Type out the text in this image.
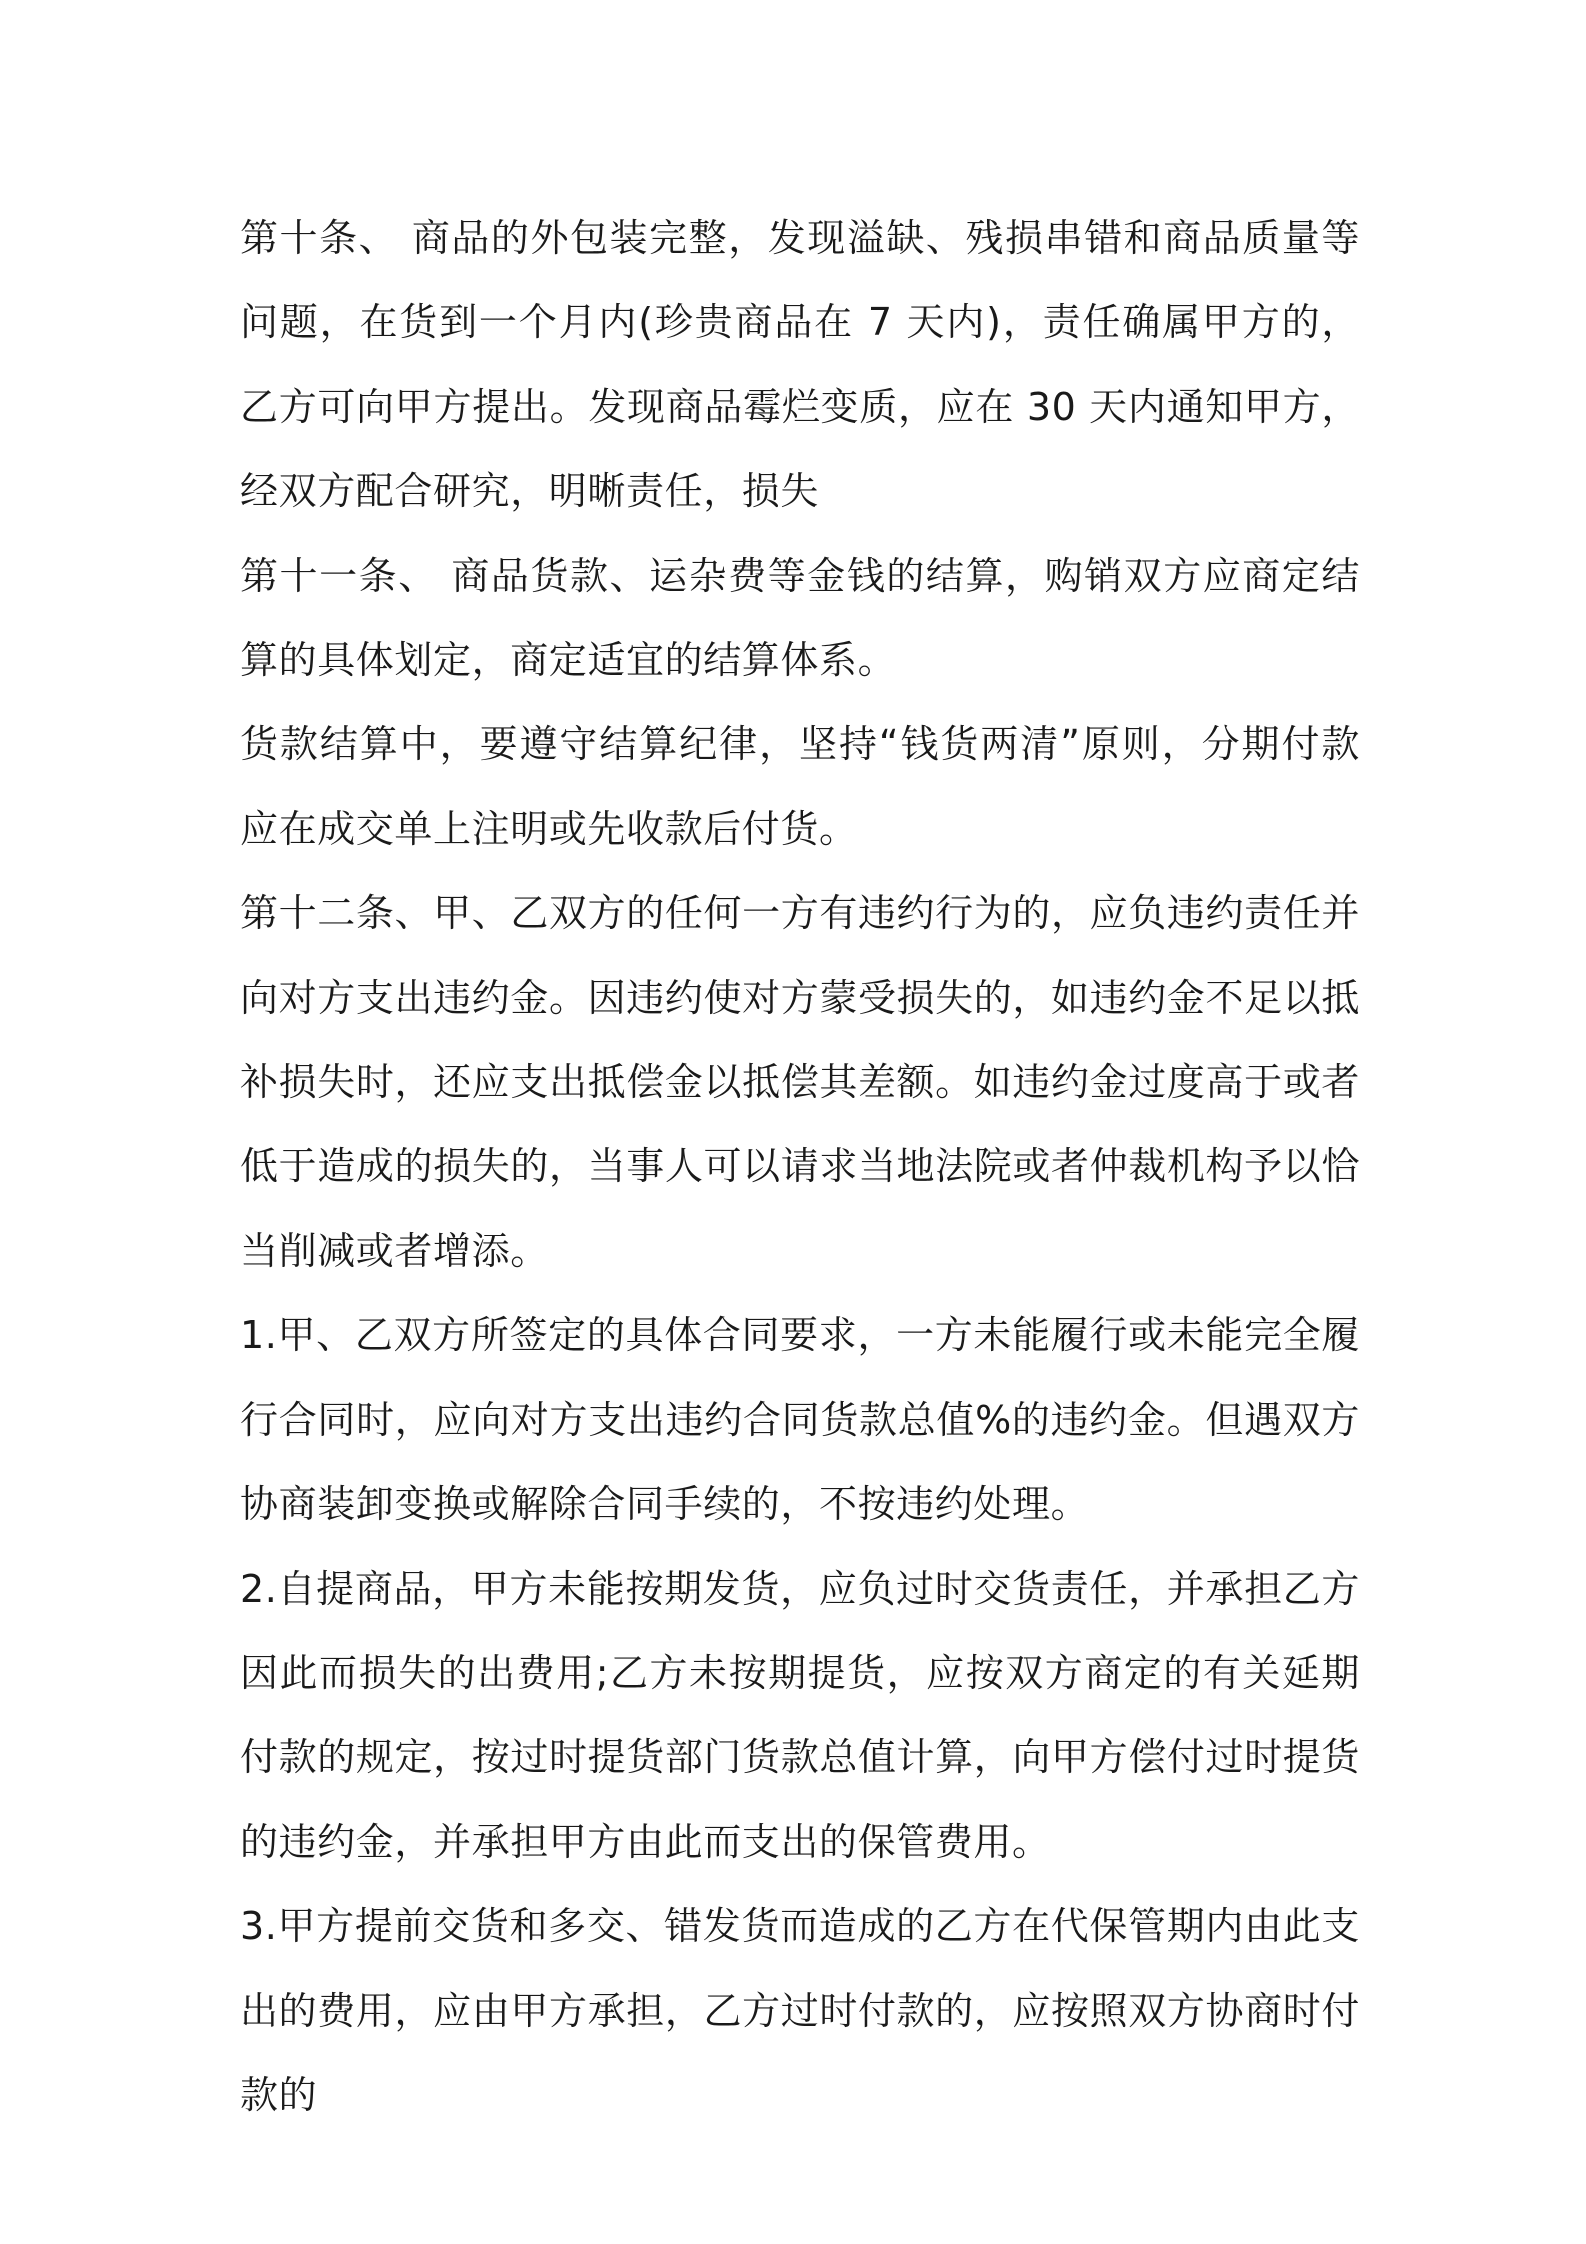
第十条、 商品的外包装完整，发现溢缺、残损串错和商品质量等问题，在货到一个月内(珍贵商品在 7 天内)，责任确属甲方的，乙方可向甲方提出。发现商品霉烂变质，应在 30 天内通知甲方，经双方配合研究，明晰责任，损失

第十一条、 商品货款、运杂费等金钱的结算，购销双方应商定结算的具体划定，商定适宜的结算体系。

货款结算中，要遵守结算纪律，坚持“钱货两清”原则，分期付款应在成交单上注明或先收款后付货。

第十二条、甲、乙双方的任何一方有违约行为的，应负违约责任并向对方支出违约金。因违约使对方蒙受损失的，如违约金不足以抵补损失时，还应支出抵偿金以抵偿其差额。如违约金过度高于或者低于造成的损失的，当事人可以请求当地法院或者仲裁机构予以恰当削减或者增添。

1.甲、乙双方所签定的具体合同要求，一方未能履行或未能完全履行合同时，应向对方支出违约合同货款总值%的违约金。但遇双方协商装卸变换或解除合同手续的，不按违约处理。

2.自提商品，甲方未能按期发货，应负过时交货责任，并承担乙方因此而损失的出费用;乙方未按期提货，应按双方商定的有关延期付款的规定，按过时提货部门货款总值计算，向甲方偿付过时提货的违约金，并承担甲方由此而支出的保管费用。

3.甲方提前交货和多交、错发货而造成的乙方在代保管期内由此支出的费用，应由甲方承担，乙方过时付款的，应按照双方协商时付款的
